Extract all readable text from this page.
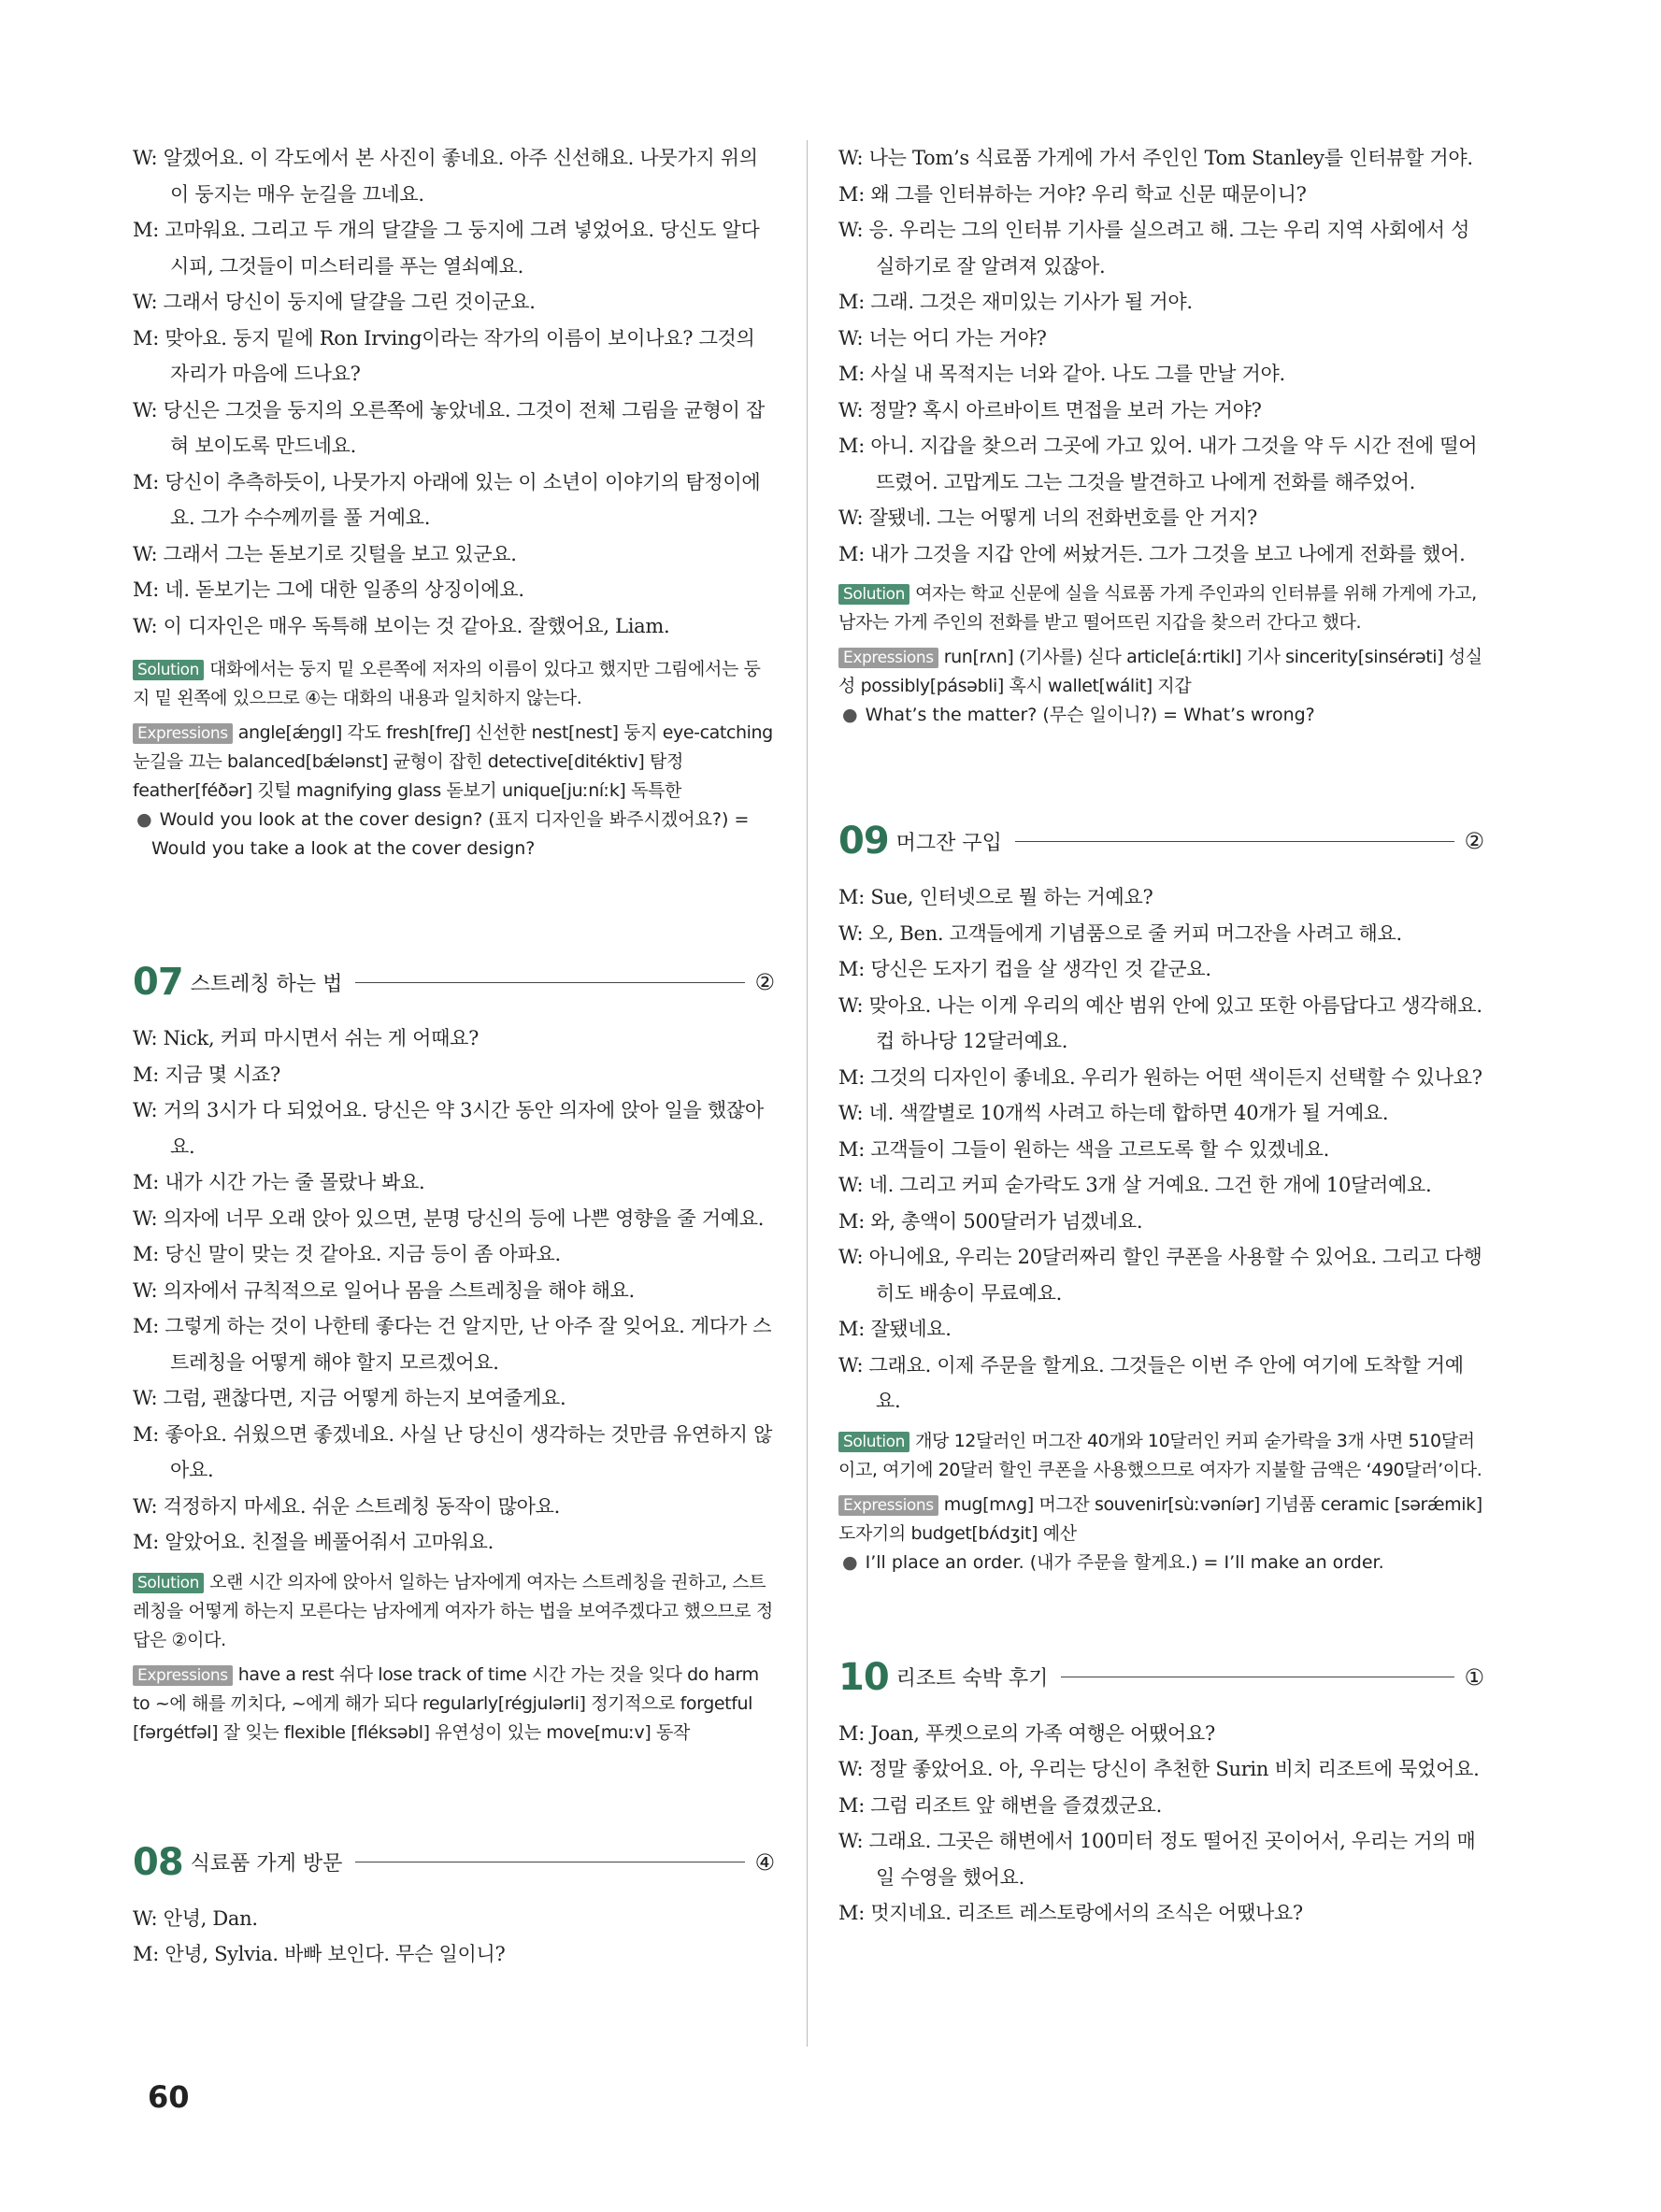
W: 알겠어요. 이 각도에서 본 사진이 좋네요. 아주 신선해요. 나뭇가지 위의 이 둥지는 매우 눈길을 끄네요.
M: 고마워요. 그리고 두 개의 달걀을 그 둥지에 그려 넣었어요. 당신도 알다시피, 그것들이 미스터리를 푸는 열쇠예요.
W: 그래서 당신이 둥지에 달걀을 그린 것이군요.
M: 맞아요. 둥지 밑에 Ron Irving이라는 작가의 이름이 보이나요? 그것의 자리가 마음에 드나요?
W: 당신은 그것을 둥지의 오른쪽에 놓았네요. 그것이 전체 그림을 균형이 잡혀 보이도록 만드네요.
M: 당신이 추측하듯이, 나뭇가지 아래에 있는 이 소년이 이야기의 탐정이에요. 그가 수수께끼를 풀 거예요.
W: 그래서 그는 돋보기로 깃털을 보고 있군요.
M: 네. 돋보기는 그에 대한 일종의 상징이에요.
W: 이 디자인은 매우 독특해 보이는 것 같아요. 잘했어요, Liam.
Solution 대화에서는 둥지 밑 오른쪽에 저자의 이름이 있다고 했지만 그림에서는 둥지 밑 왼쪽에 있으므로 ④는 대화의 내용과 일치하지 않는다.
Expressions angle[ǽŋgl] 각도 fresh[freʃ] 신선한 nest[nest] 둥지 eye-catching 눈길을 끄는 balanced[bǽlənst] 균형이 잡힌 detective[ditéktiv] 탐정 feather[féðər] 깃털 magnifying glass 돋보기 unique[juːníːk] 독특한
● Would you look at the cover design? (표지 디자인을 봐주시겠어요?) = Would you take a look at the cover design?
07 스트레칭 하는 법	②
W: Nick, 커피 마시면서 쉬는 게 어때요?
M: 지금 몇 시죠?
W: 거의 3시가 다 되었어요. 당신은 약 3시간 동안 의자에 앉아 일을 했잖아요.
M: 내가 시간 가는 줄 몰랐나 봐요.
W: 의자에 너무 오래 앉아 있으면, 분명 당신의 등에 나쁜 영향을 줄 거예요.
M: 당신 말이 맞는 것 같아요. 지금 등이 좀 아파요.
W: 의자에서 규칙적으로 일어나 몸을 스트레칭을 해야 해요.
M: 그렇게 하는 것이 나한테 좋다는 건 알지만, 난 아주 잘 잊어요. 게다가 스트레칭을 어떻게 해야 할지 모르겠어요.
W: 그럼, 괜찮다면, 지금 어떻게 하는지 보여줄게요.
M: 좋아요. 쉬웠으면 좋겠네요. 사실 난 당신이 생각하는 것만큼 유연하지 않아요.
W: 걱정하지 마세요. 쉬운 스트레칭 동작이 많아요.
M: 알았어요. 친절을 베풀어줘서 고마워요.
Solution 오랜 시간 의자에 앉아서 일하는 남자에게 여자는 스트레칭을 권하고, 스트레칭을 어떻게 하는지 모른다는 남자에게 여자가 하는 법을 보여주겠다고 했으므로 정답은 ②이다.
Expressions have a rest 쉬다 lose track of time 시간 가는 것을 잊다 do harm to ~에 해를 끼치다, ~에게 해가 되다 regularly[régjulərli] 정기적으로 forgetful [fərgétfəl] 잘 잊는 flexible [fléksəbl] 유연성이 있는 move[muːv] 동작
08 식료품 가게 방문	④
W: 안녕, Dan.
M: 안녕, Sylvia. 바빠 보인다. 무슨 일이니?
W: 나는 Tom’s 식료품 가게에 가서 주인인 Tom Stanley를 인터뷰할 거야.
M: 왜 그를 인터뷰하는 거야? 우리 학교 신문 때문이니?
W: 응. 우리는 그의 인터뷰 기사를 실으려고 해. 그는 우리 지역 사회에서 성실하기로 잘 알려져 있잖아.
M: 그래. 그것은 재미있는 기사가 될 거야.
W: 너는 어디 가는 거야?
M: 사실 내 목적지는 너와 같아. 나도 그를 만날 거야.
W: 정말? 혹시 아르바이트 면접을 보러 가는 거야?
M: 아니. 지갑을 찾으러 그곳에 가고 있어. 내가 그것을 약 두 시간 전에 떨어뜨렸어. 고맙게도 그는 그것을 발견하고 나에게 전화를 해주었어.
W: 잘됐네. 그는 어떻게 너의 전화번호를 안 거지?
M: 내가 그것을 지갑 안에 써놨거든. 그가 그것을 보고 나에게 전화를 했어.
Solution 여자는 학교 신문에 실을 식료품 가게 주인과의 인터뷰를 위해 가게에 가고, 남자는 가게 주인의 전화를 받고 떨어뜨린 지갑을 찾으러 간다고 했다.
Expressions run[rʌn] (기사를) 싣다 article[áːrtikl] 기사 sincerity[sinsérəti] 성실성 possibly[pásəbli] 혹시 wallet[wálit] 지갑
● What’s the matter? (무슨 일이니?) = What’s wrong?
09 머그잔 구입	②
M: Sue, 인터넷으로 뭘 하는 거예요?
W: 오, Ben. 고객들에게 기념품으로 줄 커피 머그잔을 사려고 해요.
M: 당신은 도자기 컵을 살 생각인 것 같군요.
W: 맞아요. 나는 이게 우리의 예산 범위 안에 있고 또한 아름답다고 생각해요. 컵 하나당 12달러예요.
M: 그것의 디자인이 좋네요. 우리가 원하는 어떤 색이든지 선택할 수 있나요?
W: 네. 색깔별로 10개씩 사려고 하는데 합하면 40개가 될 거예요.
M: 고객들이 그들이 원하는 색을 고르도록 할 수 있겠네요.
W: 네. 그리고 커피 숟가락도 3개 살 거예요. 그건 한 개에 10달러예요.
M: 와, 총액이 500달러가 넘겠네요.
W: 아니에요, 우리는 20달러짜리 할인 쿠폰을 사용할 수 있어요. 그리고 다행히도 배송이 무료예요.
M: 잘됐네요.
W: 그래요. 이제 주문을 할게요. 그것들은 이번 주 안에 여기에 도착할 거예요.
Solution 개당 12달러인 머그잔 40개와 10달러인 커피 숟가락을 3개 사면 510달러이고, 여기에 20달러 할인 쿠폰을 사용했으므로 여자가 지불할 금액은 ‘490달러’이다.
Expressions mug[mʌg] 머그잔 souvenir[sùːvəníər] 기념품 ceramic [sərǽmik] 도자기의 budget[bʌ́dʒit] 예산
● I’ll place an order. (내가 주문을 할게요.) = I’ll make an order.
10 리조트 숙박 후기	①
M: Joan, 푸켓으로의 가족 여행은 어땠어요?
W: 정말 좋았어요. 아, 우리는 당신이 추천한 Surin 비치 리조트에 묵었어요.
M: 그럼 리조트 앞 해변을 즐겼겠군요.
W: 그래요. 그곳은 해변에서 100미터 정도 떨어진 곳이어서, 우리는 거의 매일 수영을 했어요.
M: 멋지네요. 리조트 레스토랑에서의 조식은 어땠나요?
60
